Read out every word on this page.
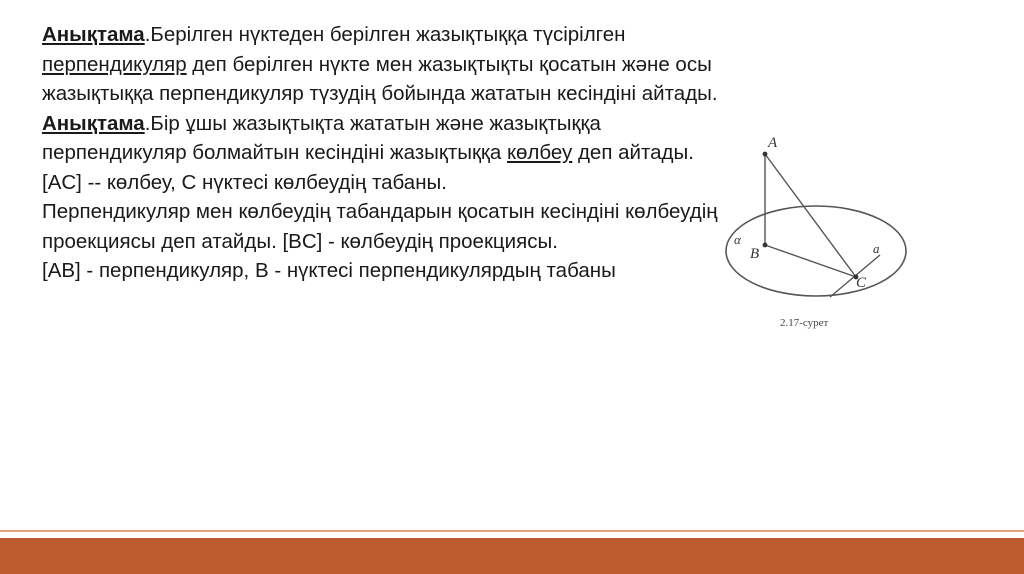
Анықтама.Берілген нүктеден берілген жазықтыққа түсірілген перпендикуляр деп берілген нүкте мен жазықтықты қосатын және осы жазықтыққа перпендикуляр түзудің бойында жататын кесіндіні айтады.

Анықтама.Бір ұшы жазықтықта жататын және жазықтыққа перпендикуляр болмайтын кесіндіні жазықтыққа көлбеу деп айтады.

[AC] -- көлбеу, C нүктесі көлбеудің табаны.

Перпендикуляр мен көлбеудің табандарын қосатын кесіндіні көлбеудің проекциясы деп атайды. [BC] - көлбеудің проекциясы.

[AB] - перпендикуляр, B - нүктесі перпендикулярдың табаны

A
B
C
α
a
2.17-сурет
